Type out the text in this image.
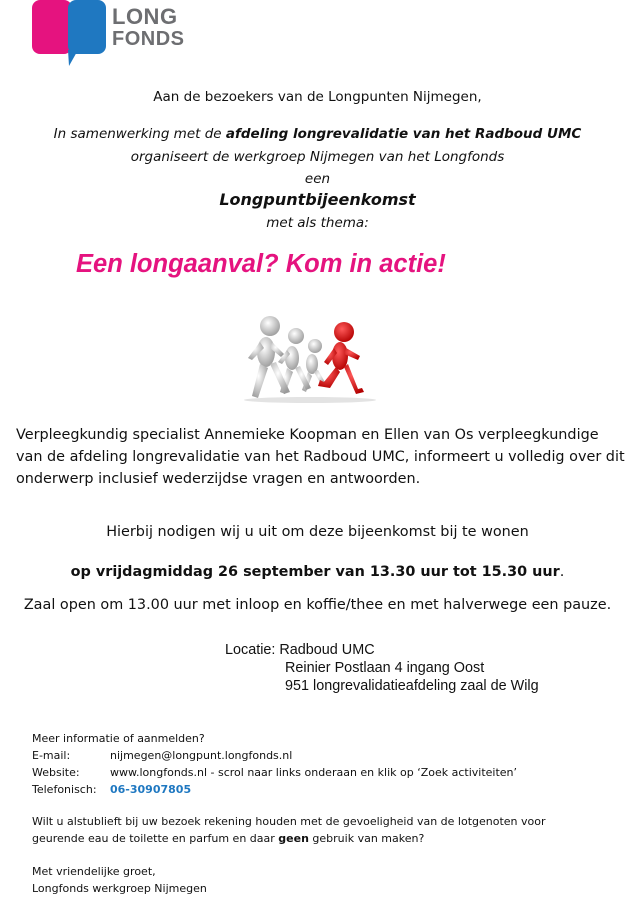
LONG
FONDS
Aan de bezoekers van de Longpunten Nijmegen,
In samenwerking met de afdeling longrevalidatie van het Radboud UMC
organiseert de werkgroep Nijmegen van het Longfonds
een
Longpuntbijeenkomst
met als thema:
Een longaanval? Kom in actie!
Verpleegkundig specialist Annemieke Koopman en Ellen van Os verpleegkundige van de afdeling longrevalidatie van het Radboud UMC, informeert u volledig over dit onderwerp inclusief wederzijdse vragen en antwoorden.
Hierbij nodigen wij u uit om deze bijeenkomst bij te wonen
op vrijdagmiddag 26 september van 13.30 uur tot 15.30 uur.
Zaal open om 13.00 uur met inloop en koffie/thee en met halverwege een pauze.
Locatie: Radboud UMC
Reinier Postlaan 4 ingang Oost
951 longrevalidatieafdeling zaal de Wilg
Meer informatie of aanmelden?
E-mail:	nijmegen@longpunt.longfonds.nl
Website:	www.longfonds.nl - scrol naar links onderaan en klik op ‘Zoek activiteiten’
Telefonisch: 06-30907805
Wilt u alstublieft bij uw bezoek rekening houden met de gevoeligheid van de lotgenoten voor
geurende eau de toilette en parfum en daar geen gebruik van maken?
Met vriendelijke groet,
Longfonds werkgroep Nijmegen
